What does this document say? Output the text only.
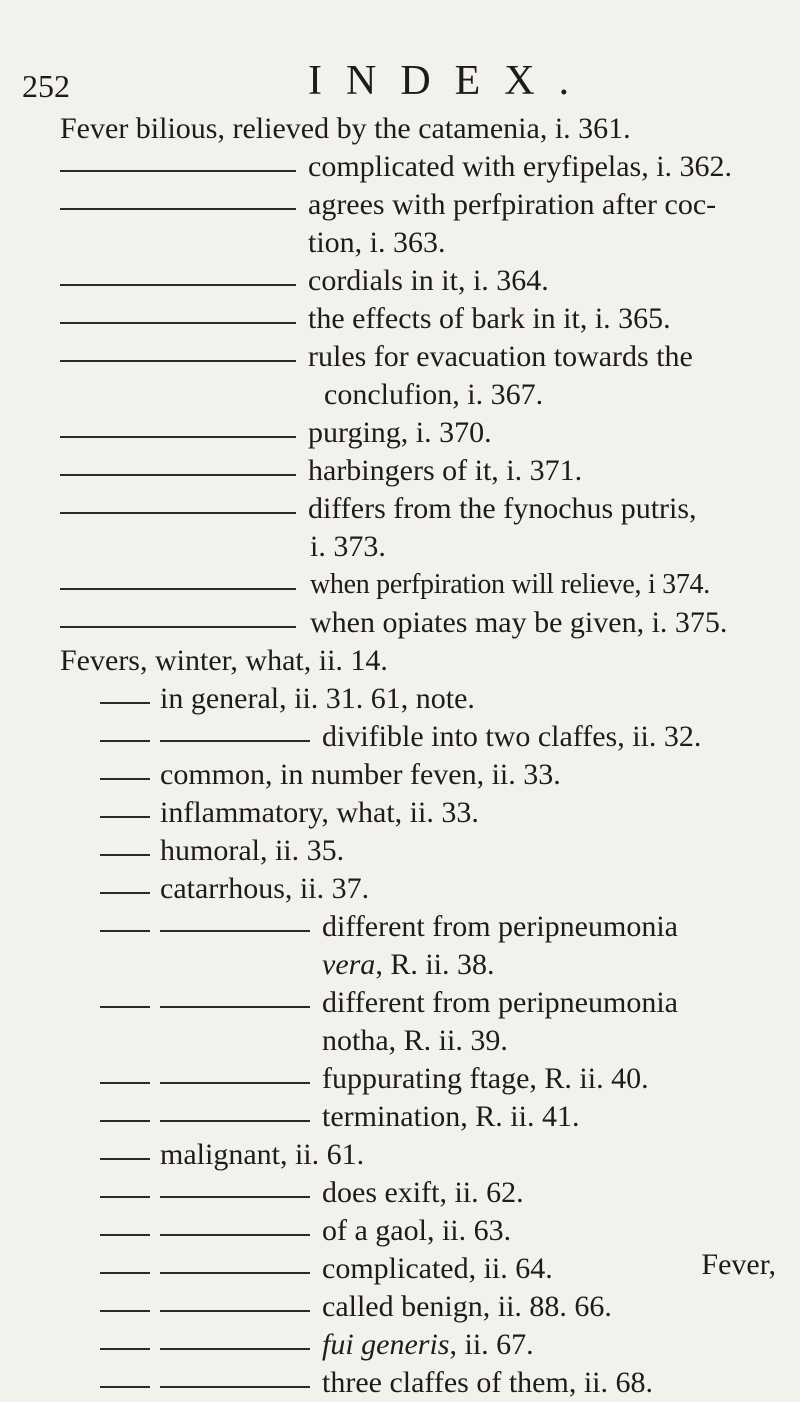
252	INDEX.
Fever bilious, relieved by the catamenia, i. 361.
complicated with eryfipelas, i. 362.
agrees with perfpiration after coc-
tion, i. 363.
cordials in it, i. 364.
the effects of bark in it, i. 365.
rules for evacuation towards the
conclufion, i. 367.
purging, i. 370.
harbingers of it, i. 371.
differs from the fynochus putris,
i. 373.
when perfpiration will relieve, i 374.
when opiates may be given, i. 375.
Fevers, winter, what, ii. 14.
in general, ii. 31. 61, note.
divifible into two claffes, ii. 32.
common, in number feven, ii. 33.
inflammatory, what, ii. 33.
humoral, ii. 35.
catarrhous, ii. 37.
different from peripneumonia
vera, R. ii. 38.
different from peripneumonia
notha, R. ii. 39.
fuppurating ftage, R. ii. 40.
termination, R. ii. 41.
malignant, ii. 61.
does exift, ii. 62.
of a gaol, ii. 63.
complicated, ii. 64.
called benign, ii. 88. 66.
fui generis, ii. 67.
three claffes of them, ii. 68.
Fever,
